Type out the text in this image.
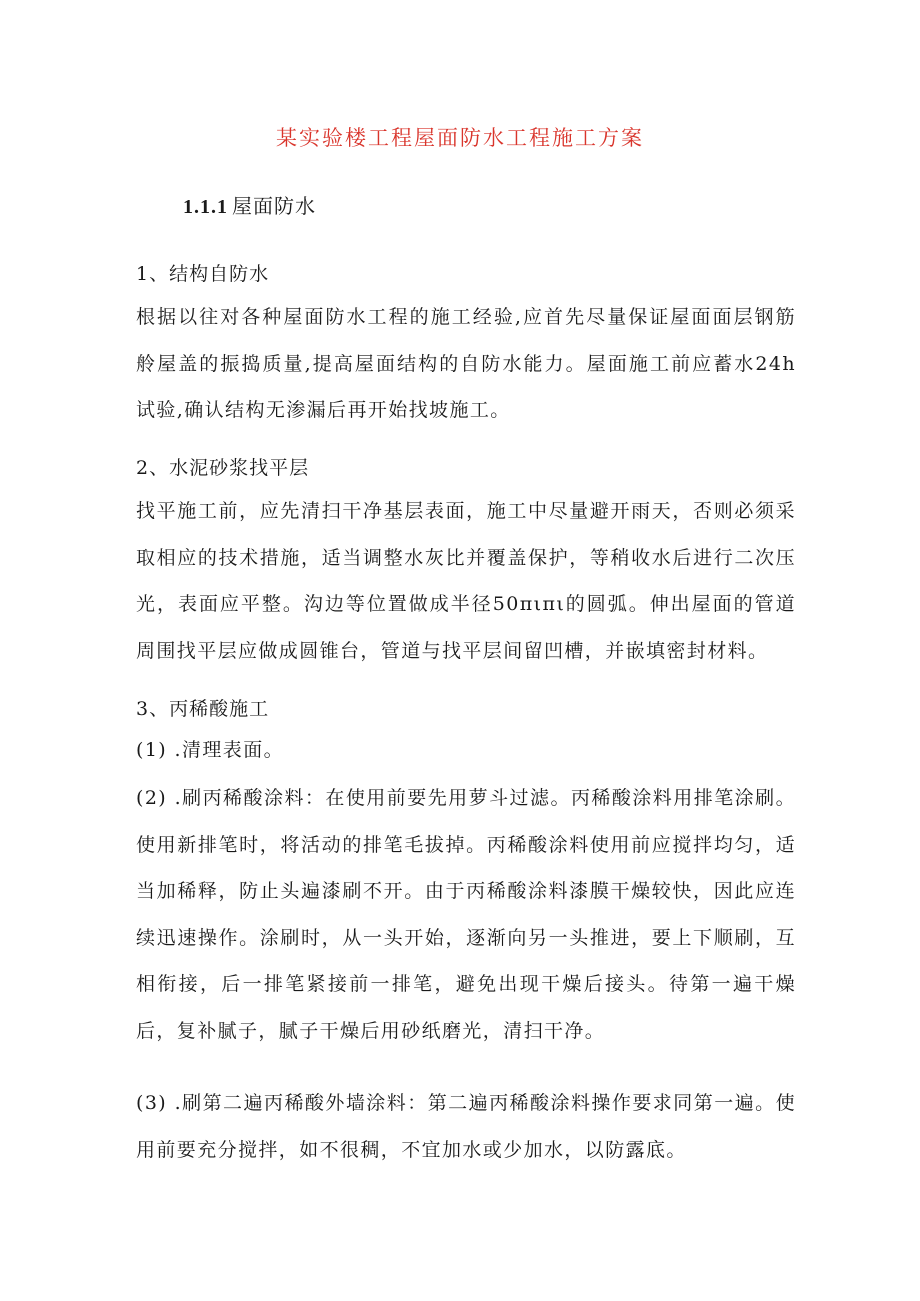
某实验楼工程屋面防水工程施工方案
1.1.1 屋面防水
1、结构自防水
根据以往对各种屋面防水工程的施工经验,应首先尽量保证屋面面层钢筋舲屋盖的振捣质量,提高屋面结构的自防水能力。屋面施工前应蓄水24h试验,确认结构无渗漏后再开始找坡施工。
2、水泥砂浆找平层
找平施工前，应先清扫干净基层表面，施工中尽量避开雨天，否则必须采取相应的技术措施，适当调整水灰比并覆盖保护，等稍收水后进行二次压光，表面应平整。沟边等位置做成半径50πιπι的圆弧。伸出屋面的管道周围找平层应做成圆锥台，管道与找平层间留凹槽，并嵌填密封材料。
3、丙稀酸施工
(1) .清理表面。
(2) .刷丙稀酸涂料：在使用前要先用萝斗过滤。丙稀酸涂料用排笔涂刷。使用新排笔时，将活动的排笔毛拔掉。丙稀酸涂料使用前应搅拌均匀，适当加稀释，防止头遍漆刷不开。由于丙稀酸涂料漆膜干燥较快，因此应连续迅速操作。涂刷时，从一头开始，逐渐向另一头推进，要上下顺刷，互相衔接，后一排笔紧接前一排笔，避免出现干燥后接头。待第一遍干燥后，复补腻子，腻子干燥后用砂纸磨光，清扫干净。
(3) .刷第二遍丙稀酸外墙涂料：第二遍丙稀酸涂料操作要求同第一遍。使用前要充分搅拌，如不很稠，不宜加水或少加水，以防露底。
